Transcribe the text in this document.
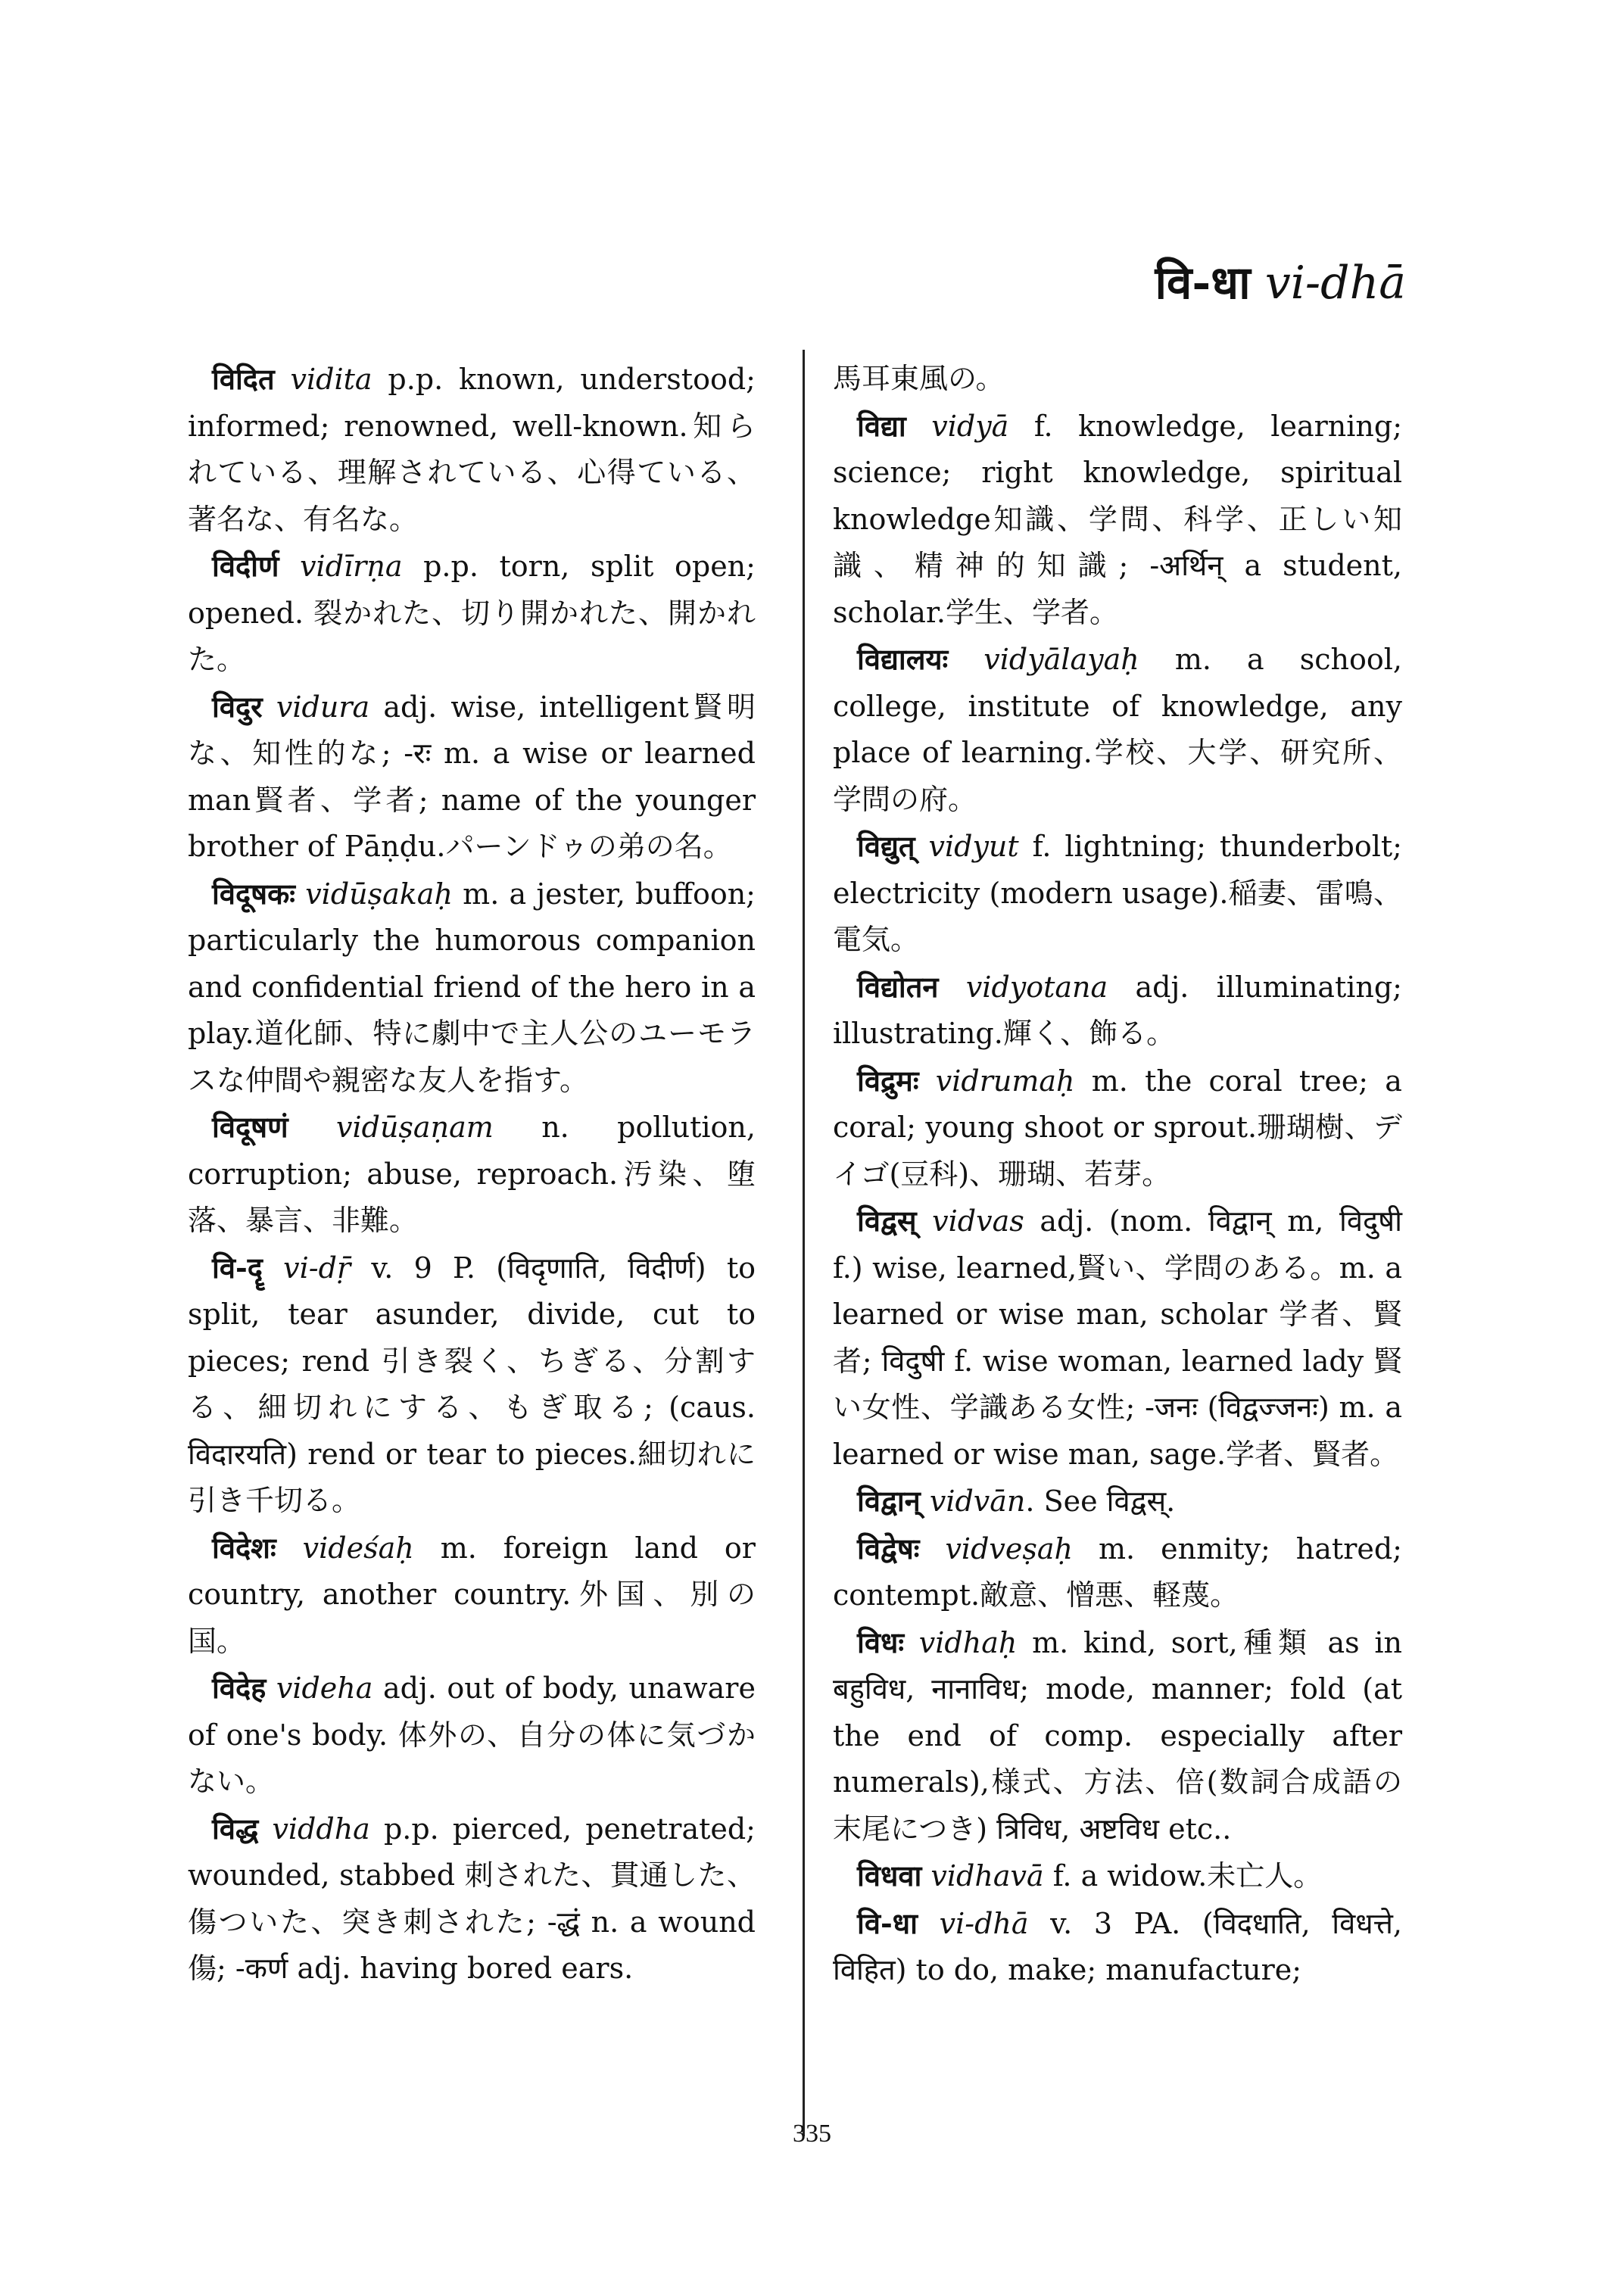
वि-धा vi-dhā

विदित vidita p.p. known, understood; informed; renowned, well-known.知られている、理解されている、心得ている、著名な、有名な。

विदीर्ण vidīrṇa p.p. torn, split open; opened. 裂かれた、切り開かれた、開かれた。

विदुर vidura adj. wise, intelligent賢明な、知性的な; -रः m. a wise or learned man賢者、学者; name of the younger brother of Pāṇḍu.パーンドゥの弟の名。

विदूषकः vidūṣakaḥ m. a jester, buffoon; particularly the humorous companion and confidential friend of the hero in a play.道化師、特に劇中で主人公のユーモラスな仲間や親密な友人を指す。

विदूषणं vidūṣaṇam n. pollution, corruption; abuse, reproach.汚染、堕落、暴言、非難。

वि-दॄ vi-dṝ v. 9 P. (विदृणाति, विदीर्ण) to split, tear asunder, divide, cut to pieces; rend 引き裂く、ちぎる、分割する、細切れにする、もぎ取る; (caus. विदारयति) rend or tear to pieces.細切れに引き千切る。

विदेशः videśaḥ m. foreign land or country, another country.外国、別の国。

विदेह videha adj. out of body, unaware of one's body. 体外の、自分の体に気づかない。

विद्ध viddha p.p. pierced, penetrated; wounded, stabbed 刺された、貫通した、傷ついた、突き刺された; -द्धं n. a wound 傷; -कर्ण adj. having bored ears.

馬耳東風の。

विद्या vidyā f. knowledge, learning; science; right knowledge, spiritual knowledge知識、学問、科学、正しい知識、精神的知識; -अर्थिन् a student, scholar.学生、学者。

विद्यालयः vidyālayaḥ m. a school, college, institute of knowledge, any place of learning.学校、大学、研究所、学問の府。

विद्युत् vidyut f. lightning; thunderbolt; electricity (modern usage).稲妻、雷鳴、電気。

विद्योतन vidyotana adj. illuminating; illustrating.輝く、飾る。

विद्रुमः vidrumaḥ m. the coral tree; a coral; young shoot or sprout.珊瑚樹、デイゴ(豆科)、珊瑚、若芽。

विद्वस् vidvas adj. (nom. विद्वान् m, विदुषी f.) wise, learned,賢い、学問のある。m. a learned or wise man, scholar 学者、賢者; विदुषी f. wise woman, learned lady 賢い女性、学識ある女性; -जनः (विद्वज्जनः) m. a learned or wise man, sage.学者、賢者。

विद्वान् vidvān. See विद्वस्.

विद्वेषः vidveṣaḥ m. enmity; hatred; contempt.敵意、憎悪、軽蔑。

विधः vidhaḥ m. kind, sort,種類 as in बहुविध, नानाविध; mode, manner; fold (at the end of comp. especially after numerals),様式、方法、倍(数詞合成語の末尾につき) त्रिविध, अष्टविध etc..

विधवा vidhavā f. a widow.未亡人。

वि-धा vi-dhā v. 3 PA. (विदधाति, विधत्ते, विहित) to do, make; manufacture;

335
